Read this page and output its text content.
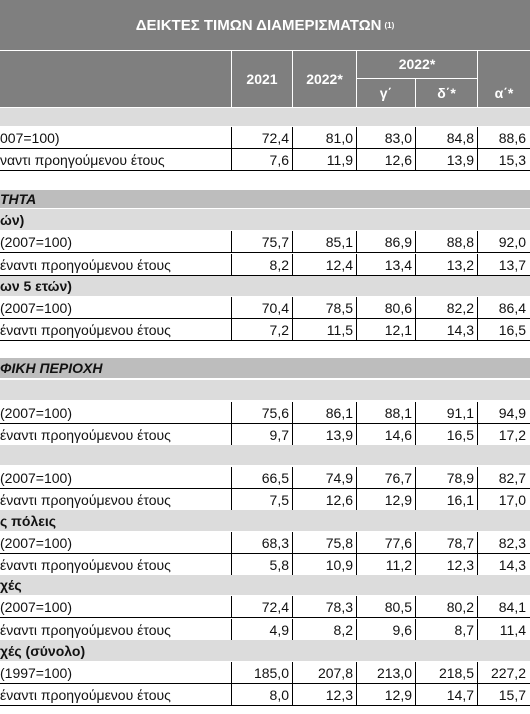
ΔΕΙΚΤΕΣ ΤΙΜΩΝ ΔΙΑΜΕΡΙΣΜΑΤΩΝ (1)
2021	2022*
2022*
γ΄	δ΄*	α΄*
007=100)	72,4	81,0	83,0	84,8	88,6
ναντι προηγούμενου έτους	7,6	11,9	12,6	13,9	15,3
ΤΗΤΑ
ών)
(2007=100)	75,7	85,1	86,9	88,8	92,0
έναντι προηγούμενου έτους	8,2	12,4	13,4	13,2	13,7
ων 5 ετών)
(2007=100)	70,4	78,5	80,6	82,2	86,4
έναντι προηγούμενου έτους	7,2	11,5	12,1	14,3	16,5
ΦΙΚΗ ΠΕΡΙΟΧΗ
(2007=100)	75,6	86,1	88,1	91,1	94,9
έναντι προηγούμενου έτους	9,7	13,9	14,6	16,5	17,2
(2007=100)	66,5	74,9	76,7	78,9	82,7
έναντι προηγούμενου έτους	7,5	12,6	12,9	16,1	17,0
ς πόλεις
(2007=100)	68,3	75,8	77,6	78,7	82,3
έναντι προηγούμενου έτους	5,8	10,9	11,2	12,3	14,3
χές
(2007=100)	72,4	78,3	80,5	80,2	84,1
έναντι προηγούμενου έτους	4,9	8,2	9,6	8,7	11,4
χές (σύνολο)
(1997=100)	185,0	207,8	213,0	218,5	227,2
έναντι προηγούμενου έτους	8,0	12,3	12,9	14,7	15,7
